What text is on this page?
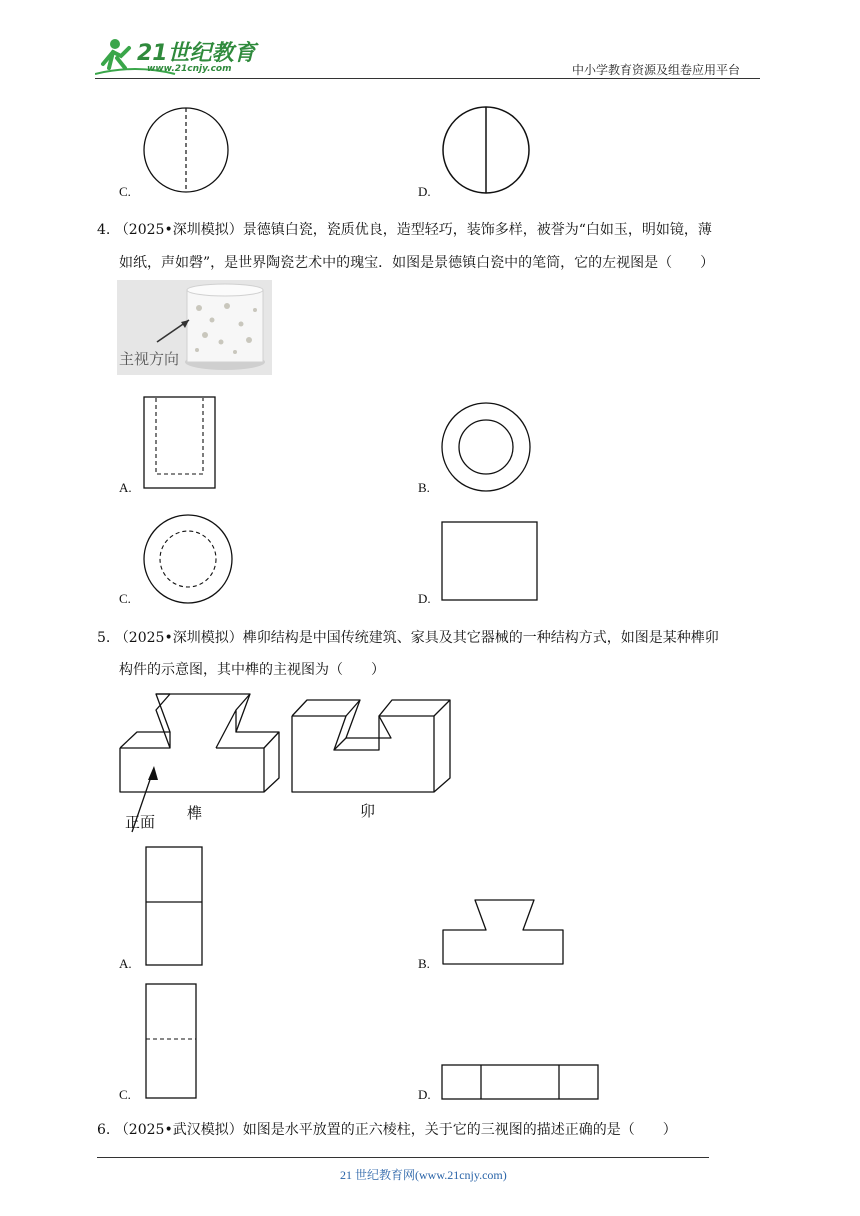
21世纪教育
www.21cnjy.com	中小学教育资源及组卷应用平台
C.	D.
4. （2025•深圳模拟）景德镇白瓷，瓷质优良，造型轻巧，装饰多样，被誉为“白如玉，明如镜，薄
如纸，声如磬”，是世界陶瓷艺术中的瑰宝．如图是景德镇白瓷中的笔筒，它的左视图是（　　）
主视方向
A.	B.
C.	D.
5. （2025•深圳模拟）榫卯结构是中国传统建筑、家具及其它器械的一种结构方式，如图是某种榫卯
构件的示意图，其中榫的主视图为（　　）
正面 榫	卯
A.	B.
C.	D.
6. （2025•武汉模拟）如图是水平放置的正六棱柱，关于它的三视图的描述正确的是（　　）
21 世纪教育网(www.21cnjy.com)
